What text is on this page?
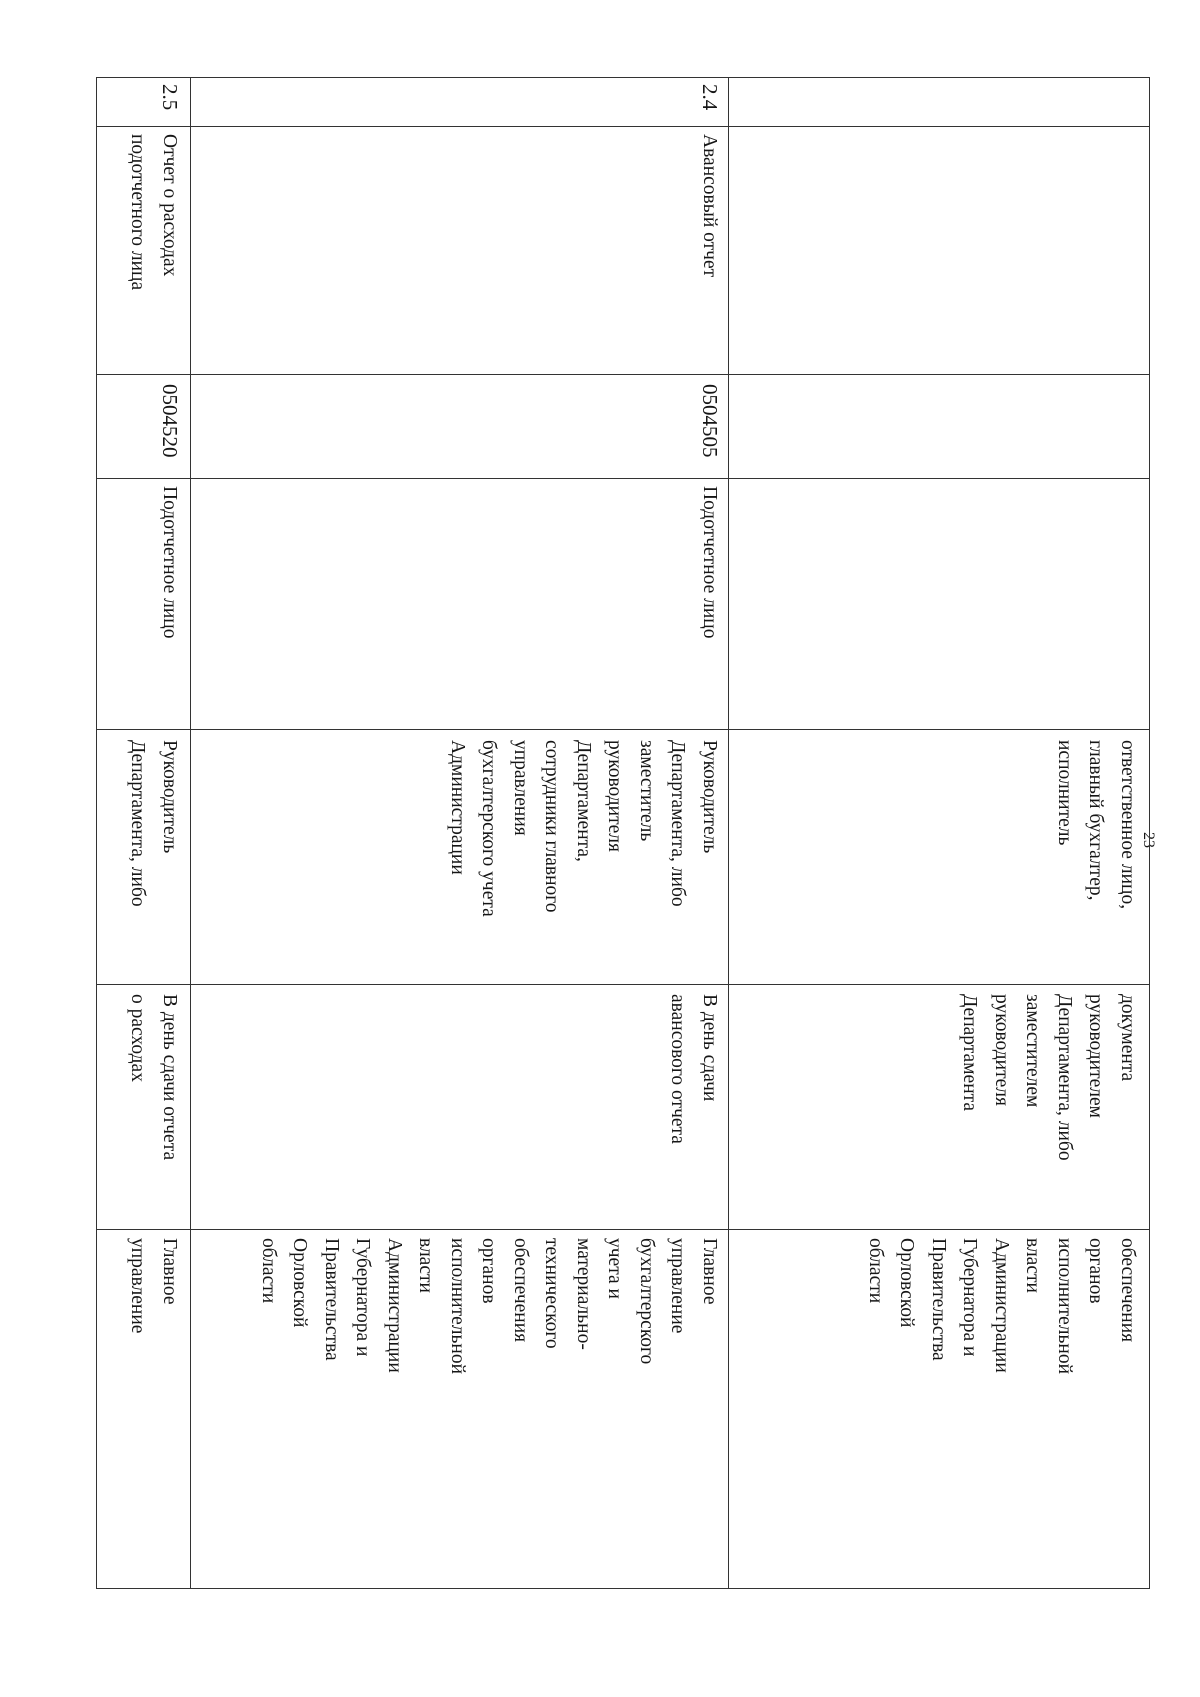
23
ответственное лицо,
главный бухгалтер,
исполнитель
документа
руководителем
Департамента, либо
заместителем
руководителя
Департамента
обеспечения
органов
исполнительной
власти
Администрации
Губернатора и
Правительства
Орловской
области
2.4
Авансовый отчет
0504505
Подотчетное лицо
Руководитель
Департамента, либо
заместитель
руководителя
Департамента,
сотрудники главного
управления
бухгалтерского учета
Администрации
В день сдачи
авансового отчета
Главное
управление
бухгалтерского
учета и
материально-
технического
обеспечения
органов
исполнительной
власти
Администрации
Губернатора и
Правительства
Орловской
области
2.5
Отчет о расходах
подотчетного лица
0504520
Подотчетное лицо
Руководитель
Департамента, либо
В день сдачи отчета
о расходах
Главное
управление
